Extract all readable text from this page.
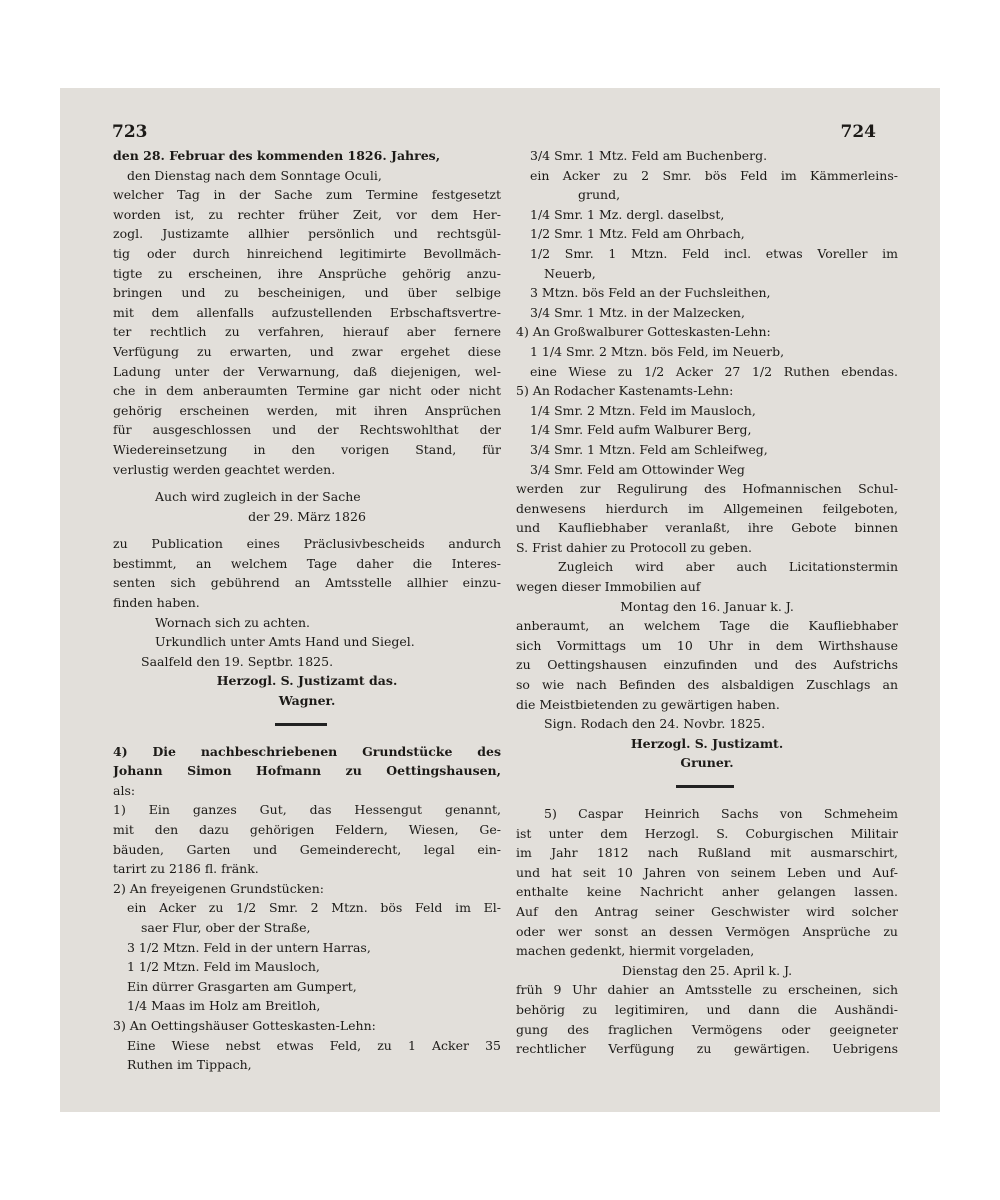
723	724
den 28. Februar des kommenden 1826. Jahres,
den Dienstag nach dem Sonntage Oculi,
welcher Tag in der Sache zum Termine festgesetzt
worden ist, zu rechter früher Zeit, vor dem Her-
zogl. Justizamte allhier persönlich und rechtsgül-
tig oder durch hinreichend legitimirte Bevollmäch-
tigte zu erscheinen, ihre Ansprüche gehörig anzu-
bringen und zu bescheinigen, und über selbige
mit dem allenfalls aufzustellenden Erbschaftsvertre-
ter rechtlich zu verfahren, hierauf aber fernere
Verfügung zu erwarten, und zwar ergehet diese
Ladung unter der Verwarnung, daß diejenigen, wel-
che in dem anberaumten Termine gar nicht oder nicht
gehörig erscheinen werden, mit ihren Ansprüchen
für ausgeschlossen und der Rechtswohlthat der
Wiedereinsetzung in den vorigen Stand, für
verlustig werden geachtet werden.
Auch wird zugleich in der Sache
der 29. März 1826
zu Publication eines Präclusivbescheids andurch
bestimmt, an welchem Tage daher die Interes-
senten sich gebührend an Amtsstelle allhier einzu-
finden haben.
Wornach sich zu achten.
Urkundlich unter Amts Hand und Siegel.
Saalfeld den 19. Septbr. 1825.
Herzogl. S. Justizamt das.
Wagner.
4) Die nachbeschriebenen Grundstücke des
Johann Simon Hofmann zu Oettingshausen,
als:
1) Ein ganzes Gut, das Hessengut genannt,
mit den dazu gehörigen Feldern, Wiesen, Ge-
bäuden, Garten und Gemeinderecht, legal ein-
tarirt zu 2186 fl. fränk.
2) An freyeigenen Grundstücken:
ein Acker zu 1/2 Smr. 2 Mtzn. bös Feld im El-
saer Flur, ober der Straße,
3 1/2 Mtzn. Feld in der untern Harras,
1 1/2 Mtzn. Feld im Mausloch,
Ein dürrer Grasgarten am Gumpert,
1/4 Maas im Holz am Breitloh,
3) An Oettingshäuser Gotteskasten-Lehn:
Eine Wiese nebst etwas Feld, zu 1 Acker 35
Ruthen im Tippach,
3/4 Smr. 1 Mtz. Feld am Buchenberg.
ein Acker zu 2 Smr. bös Feld im Kämmerleins-
grund,
1/4 Smr. 1 Mz. dergl. daselbst,
1/2 Smr. 1 Mtz. Feld am Ohrbach,
1/2 Smr. 1 Mtzn. Feld incl. etwas Voreller im
Neuerb,
3 Mtzn. bös Feld an der Fuchsleithen,
3/4 Smr. 1 Mtz. in der Malzecken,
4) An Großwalburer Gotteskasten-Lehn:
1 1/4 Smr. 2 Mtzn. bös Feld, im Neuerb,
eine Wiese zu 1/2 Acker 27 1/2 Ruthen ebendas.
5) An Rodacher Kastenamts-Lehn:
1/4 Smr. 2 Mtzn. Feld im Mausloch,
1/4 Smr. Feld aufm Walburer Berg,
3/4 Smr. 1 Mtzn. Feld am Schleifweg,
3/4 Smr. Feld am Ottowinder Weg
werden zur Regulirung des Hofmannischen Schul-
denwesens hierdurch im Allgemeinen feilgeboten,
und Kaufliebhaber veranlaßt, ihre Gebote binnen
S. Frist dahier zu Protocoll zu geben.
Zugleich wird aber auch Licitationstermin
wegen dieser Immobilien auf
Montag den 16. Januar k. J.
anberaumt, an welchem Tage die Kaufliebhaber
sich Vormittags um 10 Uhr in dem Wirthshause
zu Oettingshausen einzufinden und des Aufstrichs
so wie nach Befinden des alsbaldigen Zuschlags an
die Meistbietenden zu gewärtigen haben.
Sign. Rodach den 24. Novbr. 1825.
Herzogl. S. Justizamt.
Gruner.
5) Caspar Heinrich Sachs von Schmeheim
ist unter dem Herzogl. S. Coburgischen Militair
im Jahr 1812 nach Rußland mit ausmarschirt,
und hat seit 10 Jahren von seinem Leben und Auf-
enthalte keine Nachricht anher gelangen lassen.
Auf den Antrag seiner Geschwister wird solcher
oder wer sonst an dessen Vermögen Ansprüche zu
machen gedenkt, hiermit vorgeladen,
Dienstag den 25. April k. J.
früh 9 Uhr dahier an Amtsstelle zu erscheinen, sich
behörig zu legitimiren, und dann die Aushändi-
gung des fraglichen Vermögens oder geeigneter
rechtlicher Verfügung zu gewärtigen. Uebrigens
